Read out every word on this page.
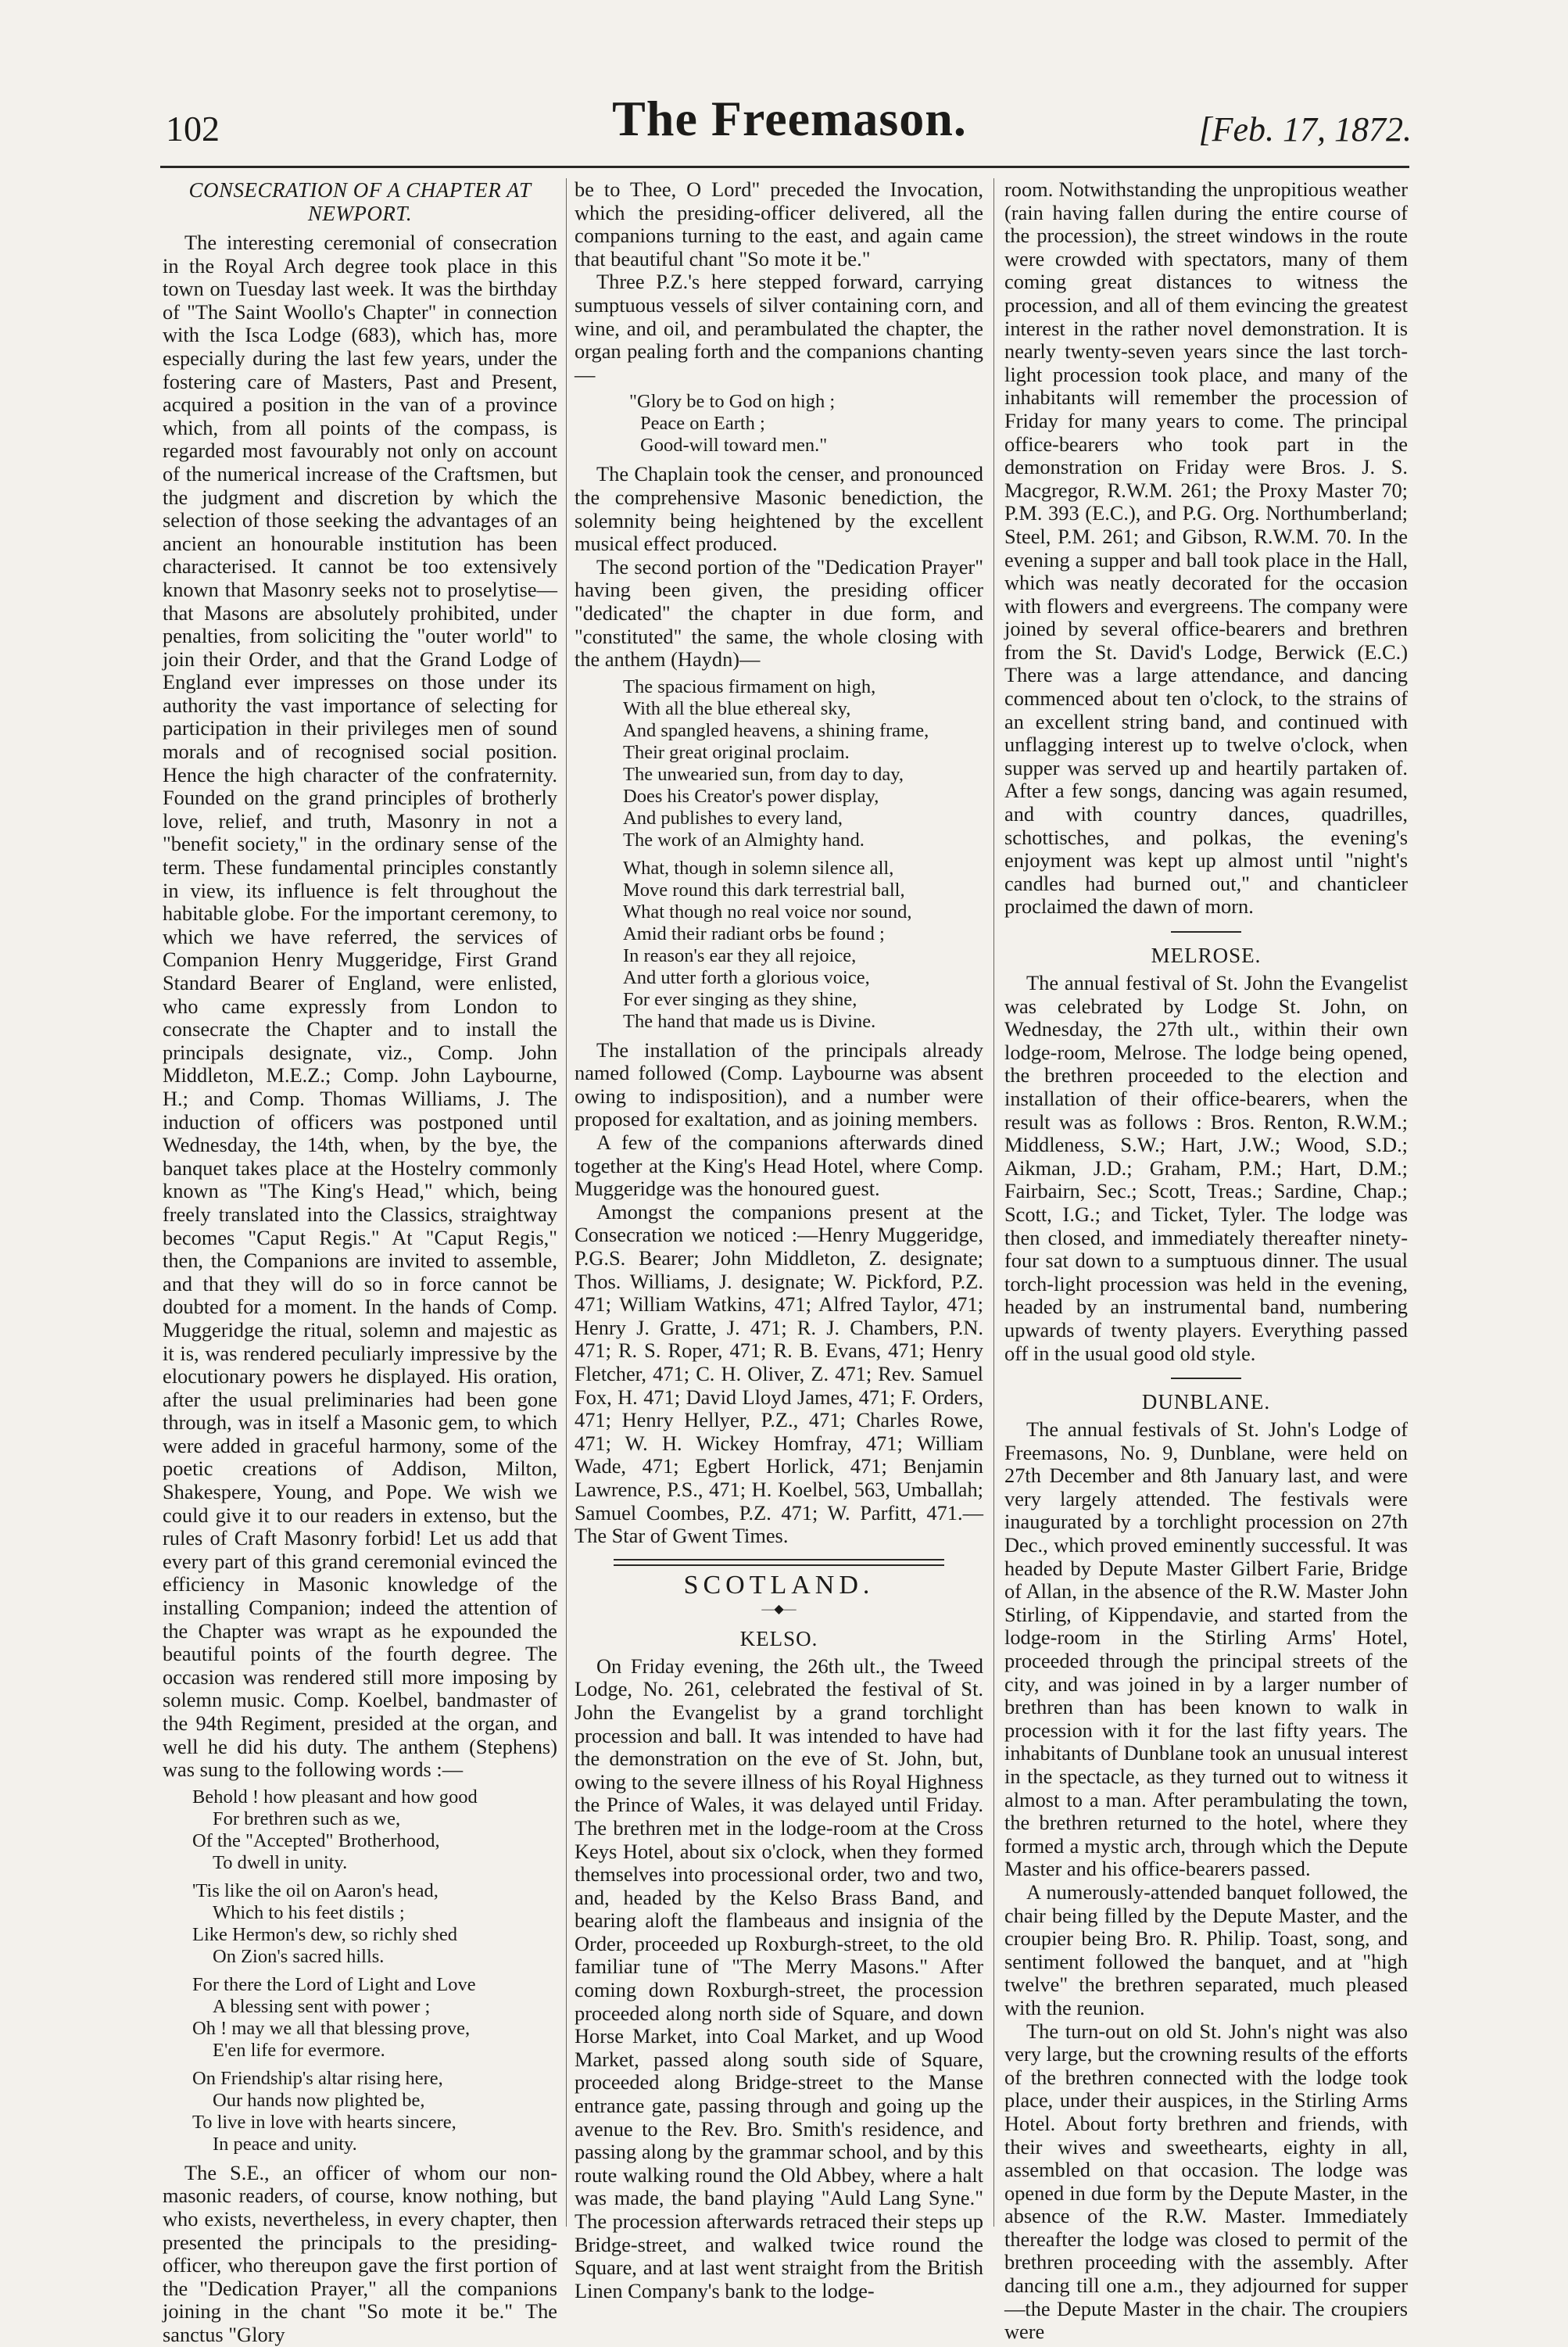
102	The Freemason.	[Feb. 17, 1872.
CONSECRATION OF A CHAPTER AT NEWPORT.

The interesting ceremonial of consecration in the Royal Arch degree took place in this town on Tuesday last week. It was the birthday of "The Saint Woollo's Chapter" in connection with the Isca Lodge (683), which has, more especially during the last few years, under the fostering care of Masters, Past and Present, acquired a position in the van of a province which, from all points of the compass, is regarded most favourably not only on account of the numerical increase of the Craftsmen, but the judgment and discretion by which the selection of those seeking the advantages of an ancient an honourable institution has been characterised. It cannot be too extensively known that Masonry seeks not to proselytise—that Masons are absolutely prohibited, under penalties, from soliciting the "outer world" to join their Order, and that the Grand Lodge of England ever impresses on those under its authority the vast importance of selecting for participation in their privileges men of sound morals and of recognised social position. Hence the high character of the confraternity. Founded on the grand principles of brotherly love, relief, and truth, Masonry in not a "benefit society," in the ordinary sense of the term. These fundamental principles constantly in view, its influence is felt throughout the habitable globe. For the important ceremony, to which we have referred, the services of Companion Henry Muggeridge, First Grand Standard Bearer of England, were enlisted, who came expressly from London to consecrate the Chapter and to install the principals designate, viz., Comp. John Middleton, M.E.Z.; Comp. John Laybourne, H.; and Comp. Thomas Williams, J. The induction of officers was postponed until Wednesday, the 14th, when, by the bye, the banquet takes place at the Hostelry commonly known as "The King's Head," which, being freely translated into the Classics, straightway becomes "Caput Regis." At "Caput Regis," then, the Companions are invited to assemble, and that they will do so in force cannot be doubted for a moment. In the hands of Comp. Muggeridge the ritual, solemn and majestic as it is, was rendered peculiarly impressive by the elocutionary powers he displayed. His oration, after the usual preliminaries had been gone through, was in itself a Masonic gem, to which were added in graceful harmony, some of the poetic creations of Addison, Milton, Shakespere, Young, and Pope. We wish we could give it to our readers in extenso, but the rules of Craft Masonry forbid! Let us add that every part of this grand ceremonial evinced the efficiency in Masonic knowledge of the installing Companion; indeed the attention of the Chapter was wrapt as he expounded the beautiful points of the fourth degree. The occasion was rendered still more imposing by solemn music. Comp. Koelbel, bandmaster of the 94th Regiment, presided at the organ, and well he did his duty. The anthem (Stephens) was sung to the following words :—

Behold ! how pleasant and how good
For brethren such as we,
Of the "Accepted" Brotherhood,
To dwell in unity.
'Tis like the oil on Aaron's head,
Which to his feet distils ;
Like Hermon's dew, so richly shed
On Zion's sacred hills.
For there the Lord of Light and Love
A blessing sent with power ;
Oh ! may we all that blessing prove,
E'en life for evermore.
On Friendship's altar rising here,
Our hands now plighted be,
To live in love with hearts sincere,
In peace and unity.

The S.E., an officer of whom our non-masonic readers, of course, know nothing, but who exists, nevertheless, in every chapter, then presented the principals to the presiding-officer, who thereupon gave the first portion of the "Dedication Prayer," all the companions joining in the chant "So mote it be." The sanctus "Glory

be to Thee, O Lord" preceded the Invocation, which the presiding-officer delivered, all the companions turning to the east, and again came that beautiful chant "So mote it be."

Three P.Z.'s here stepped forward, carrying sumptuous vessels of silver containing corn, and wine, and oil, and perambulated the chapter, the organ pealing forth and the companions chanting—

"Glory be to God on high ;
Peace on Earth ;
Good-will toward men."

The Chaplain took the censer, and pronounced the comprehensive Masonic benediction, the solemnity being heightened by the excellent musical effect produced.

The second portion of the "Dedication Prayer" having been given, the presiding officer "dedicated" the chapter in due form, and "constituted" the same, the whole closing with the anthem (Haydn)—

The spacious firmament on high,
With all the blue ethereal sky,
And spangled heavens, a shining frame,
Their great original proclaim.
The unwearied sun, from day to day,
Does his Creator's power display,
And publishes to every land,
The work of an Almighty hand.
What, though in solemn silence all,
Move round this dark terrestrial ball,
What though no real voice nor sound,
Amid their radiant orbs be found ;
In reason's ear they all rejoice,
And utter forth a glorious voice,
For ever singing as they shine,
The hand that made us is Divine.

The installation of the principals already named followed (Comp. Laybourne was absent owing to indisposition), and a number were proposed for exaltation, and as joining members.

A few of the companions afterwards dined together at the King's Head Hotel, where Comp. Muggeridge was the honoured guest.

Amongst the companions present at the Consecration we noticed :—Henry Muggeridge, P.G.S. Bearer; John Middleton, Z. designate; Thos. Williams, J. designate; W. Pickford, P.Z. 471; William Watkins, 471; Alfred Taylor, 471; Henry J. Gratte, J. 471; R. J. Chambers, P.N. 471; R. S. Roper, 471; R. B. Evans, 471; Henry Fletcher, 471; C. H. Oliver, Z. 471; Rev. Samuel Fox, H. 471; David Lloyd James, 471; F. Orders, 471; Henry Hellyer, P.Z., 471; Charles Rowe, 471; W. H. Wickey Homfray, 471; William Wade, 471; Egbert Horlick, 471; Benjamin Lawrence, P.S., 471; H. Koelbel, 563, Umballah; Samuel Coombes, P.Z. 471; W. Parfitt, 471.—The Star of Gwent Times.

SCOTLAND.
—◆—
KELSO.

On Friday evening, the 26th ult., the Tweed Lodge, No. 261, celebrated the festival of St. John the Evangelist by a grand torchlight procession and ball. It was intended to have had the demonstration on the eve of St. John, but, owing to the severe illness of his Royal Highness the Prince of Wales, it was delayed until Friday. The brethren met in the lodge-room at the Cross Keys Hotel, about six o'clock, when they formed themselves into processional order, two and two, and, headed by the Kelso Brass Band, and bearing aloft the flambeaus and insignia of the Order, proceeded up Roxburgh-street, to the old familiar tune of "The Merry Masons." After coming down Roxburgh-street, the procession proceeded along north side of Square, and down Horse Market, into Coal Market, and up Wood Market, passed along south side of Square, proceeded along Bridge-street to the Manse entrance gate, passing through and going up the avenue to the Rev. Bro. Smith's residence, and passing along by the grammar school, and by this route walking round the Old Abbey, where a halt was made, the band playing "Auld Lang Syne." The procession afterwards retraced their steps up Bridge-street, and walked twice round the Square, and at last went straight from the British Linen Company's bank to the lodge-

room. Notwithstanding the unpropitious weather (rain having fallen during the entire course of the procession), the street windows in the route were crowded with spectators, many of them coming great distances to witness the procession, and all of them evincing the greatest interest in the rather novel demonstration. It is nearly twenty-seven years since the last torch-light procession took place, and many of the inhabitants will remember the procession of Friday for many years to come. The principal office-bearers who took part in the demonstration on Friday were Bros. J. S. Macgregor, R.W.M. 261; the Proxy Master 70; P.M. 393 (E.C.), and P.G. Org. Northumberland; Steel, P.M. 261; and Gibson, R.W.M. 70. In the evening a supper and ball took place in the Hall, which was neatly decorated for the occasion with flowers and evergreens. The company were joined by several office-bearers and brethren from the St. David's Lodge, Berwick (E.C.) There was a large attendance, and dancing commenced about ten o'clock, to the strains of an excellent string band, and continued with unflagging interest up to twelve o'clock, when supper was served up and heartily partaken of. After a few songs, dancing was again resumed, and with country dances, quadrilles, schottisches, and polkas, the evening's enjoyment was kept up almost until "night's candles had burned out," and chanticleer proclaimed the dawn of morn.

MELROSE.

The annual festival of St. John the Evangelist was celebrated by Lodge St. John, on Wednesday, the 27th ult., within their own lodge-room, Melrose. The lodge being opened, the brethren proceeded to the election and installation of their office-bearers, when the result was as follows : Bros. Renton, R.W.M.; Middleness, S.W.; Hart, J.W.; Wood, S.D.; Aikman, J.D.; Graham, P.M.; Hart, D.M.; Fairbairn, Sec.; Scott, Treas.; Sardine, Chap.; Scott, I.G.; and Ticket, Tyler. The lodge was then closed, and immediately thereafter ninety-four sat down to a sumptuous dinner. The usual torch-light procession was held in the evening, headed by an instrumental band, numbering upwards of twenty players. Everything passed off in the usual good old style.

DUNBLANE.

The annual festivals of St. John's Lodge of Freemasons, No. 9, Dunblane, were held on 27th December and 8th January last, and were very largely attended. The festivals were inaugurated by a torchlight procession on 27th Dec., which proved eminently successful. It was headed by Depute Master Gilbert Farie, Bridge of Allan, in the absence of the R.W. Master John Stirling, of Kippendavie, and started from the lodge-room in the Stirling Arms' Hotel, proceeded through the principal streets of the city, and was joined in by a larger number of brethren than has been known to walk in procession with it for the last fifty years. The inhabitants of Dunblane took an unusual interest in the spectacle, as they turned out to witness it almost to a man. After perambulating the town, the brethren returned to the hotel, where they formed a mystic arch, through which the Depute Master and his office-bearers passed.

A numerously-attended banquet followed, the chair being filled by the Depute Master, and the croupier being Bro. R. Philip. Toast, song, and sentiment followed the banquet, and at "high twelve" the brethren separated, much pleased with the reunion.

The turn-out on old St. John's night was also very large, but the crowning results of the efforts of the brethren connected with the lodge took place, under their auspices, in the Stirling Arms Hotel. About forty brethren and friends, with their wives and sweethearts, eighty in all, assembled on that occasion. The lodge was opened in due form by the Depute Master, in the absence of the R.W. Master. Immediately thereafter the lodge was closed to permit of the brethren proceeding with the assembly. After dancing till one a.m., they adjourned for supper—the Depute Master in the chair. The croupiers were
